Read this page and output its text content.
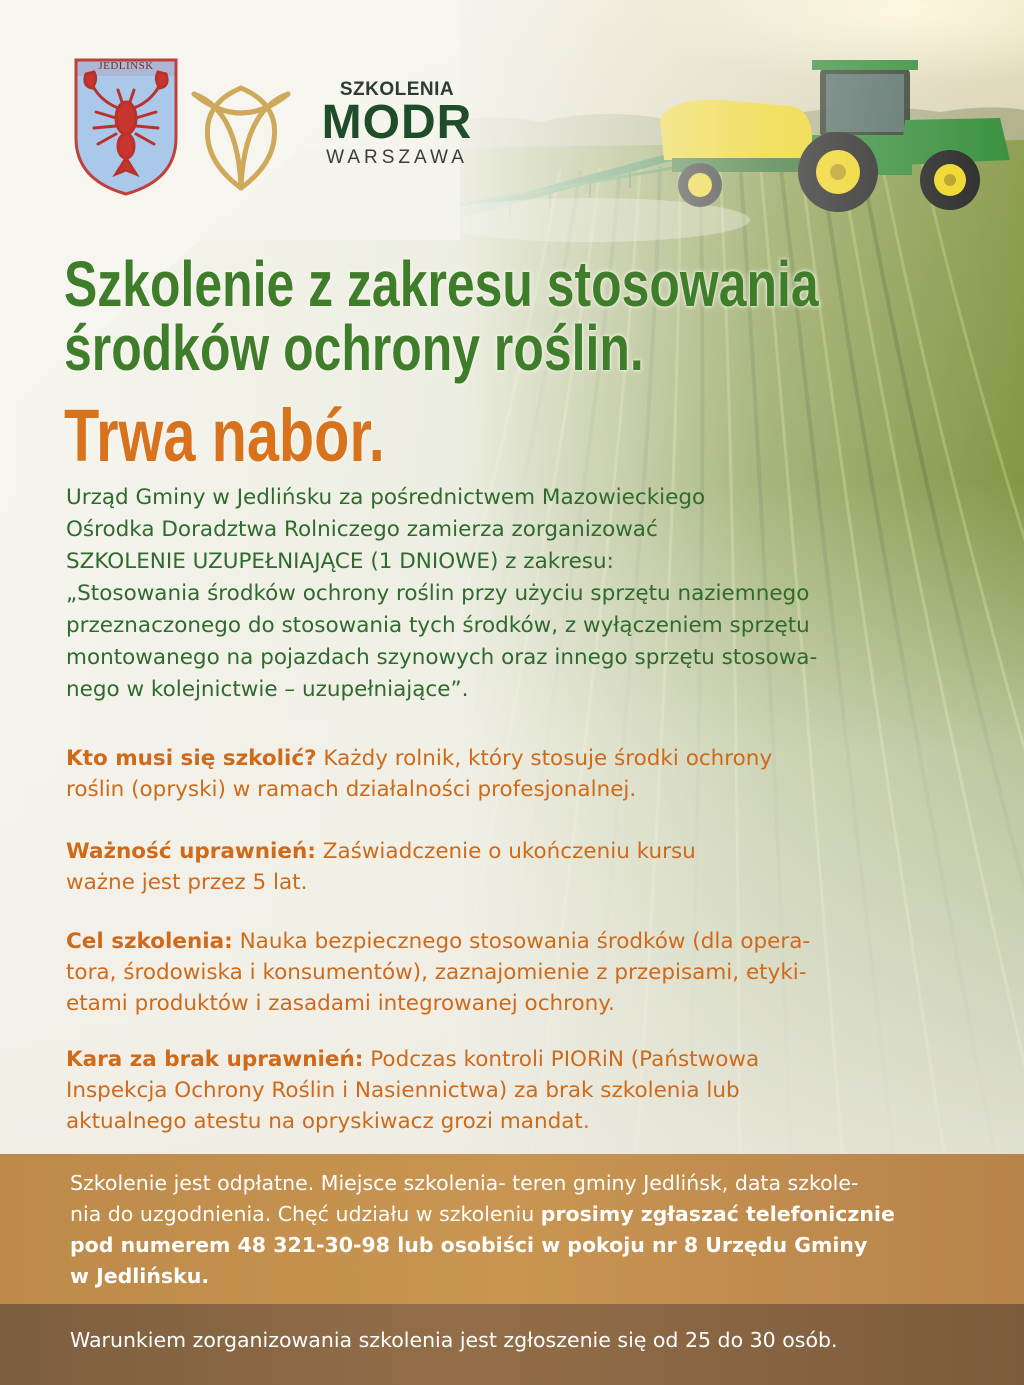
JEDLIŃSK
SZKOLENIA
MODR
WARSZAWA
Szkolenie z zakresu stosowania
środków ochrony roślin.
Trwa nabór.
Urząd Gminy w Jedlińsku za pośrednictwem Mazowieckiego
Ośrodka Doradztwa Rolniczego zamierza zorganizować
SZKOLENIE UZUPEŁNIAJĄCE (1 DNIOWE) z zakresu:
„Stosowania środków ochrony roślin przy użyciu sprzętu naziemnego
przeznaczonego do stosowania tych środków, z wyłączeniem sprzętu
montowanego na pojazdach szynowych oraz innego sprzętu stosowa-
nego w kolejnictwie – uzupełniające”.
Kto musi się szkolić? Każdy rolnik, który stosuje środki ochrony
roślin (opryski) w ramach działalności profesjonalnej.
Ważność uprawnień: Zaświadczenie o ukończeniu kursu
ważne jest przez 5 lat.
Cel szkolenia: Nauka bezpiecznego stosowania środków (dla opera-
tora, środowiska i konsumentów), zaznajomienie z przepisami, etyki-
etami produktów i zasadami integrowanej ochrony.
Kara za brak uprawnień: Podczas kontroli PIORiN (Państwowa
Inspekcja Ochrony Roślin i Nasiennictwa) za brak szkolenia lub
aktualnego atestu na opryskiwacz grozi mandat.
Szkolenie jest odpłatne. Miejsce szkolenia- teren gminy Jedlińsk, data szkole-
nia do uzgodnienia. Chęć udziału w szkoleniu prosimy zgłaszać telefonicznie
pod numerem 48 321-30-98 lub osobiści w pokoju nr 8 Urzędu Gminy
w Jedlińsku.
Warunkiem zorganizowania szkolenia jest zgłoszenie się od 25 do 30 osób.
